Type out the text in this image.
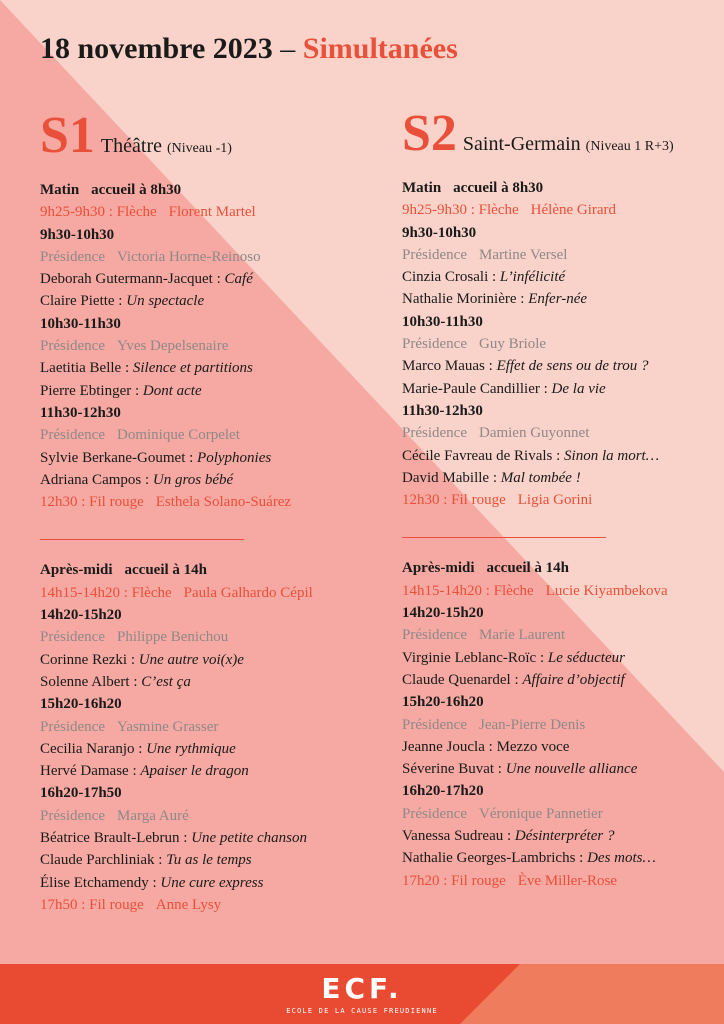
18 novembre 2023 – Simultanées
S1 Théâtre (Niveau -1)
Matin accueil à 8h30
9h25-9h30 : Flèche Florent Martel
9h30-10h30
Présidence Victoria Horne-Reinoso
Deborah Gutermann-Jacquet : Café
Claire Piette : Un spectacle
10h30-11h30
Présidence Yves Depelsenaire
Laetitia Belle : Silence et partitions
Pierre Ebtinger : Dont acte
11h30-12h30
Présidence Dominique Corpelet
Sylvie Berkane-Goumet : Polyphonies
Adriana Campos : Un gros bébé
12h30 : Fil rouge Esthela Solano-Suárez
Après-midi accueil à 14h
14h15-14h20 : Flèche Paula Galhardo Cépil
14h20-15h20
Présidence Philippe Benichou
Corinne Rezki : Une autre voi(x)e
Solenne Albert : C’est ça
15h20-16h20
Présidence Yasmine Grasser
Cecilia Naranjo : Une rythmique
Hervé Damase : Apaiser le dragon
16h20-17h50
Présidence Marga Auré
Béatrice Brault-Lebrun : Une petite chanson
Claude Parchliniak : Tu as le temps
Élise Etchamendy : Une cure express
17h50 : Fil rouge Anne Lysy
S2 Saint-Germain (Niveau 1 R+3)
Matin accueil à 8h30
9h25-9h30 : Flèche Hélène Girard
9h30-10h30
Présidence Martine Versel
Cinzia Crosali : L’infélicité
Nathalie Morinière : Enfer-née
10h30-11h30
Présidence Guy Briole
Marco Mauas : Effet de sens ou de trou ?
Marie-Paule Candillier : De la vie
11h30-12h30
Présidence Damien Guyonnet
Cécile Favreau de Rivals : Sinon la mort…
David Mabille : Mal tombée !
12h30 : Fil rouge Ligia Gorini
Après-midi accueil à 14h
14h15-14h20 : Flèche Lucie Kiyambekova
14h20-15h20
Présidence Marie Laurent
Virginie Leblanc-Roïc : Le séducteur
Claude Quenardel : Affaire d’objectif
15h20-16h20
Présidence Jean-Pierre Denis
Jeanne Joucla : Mezzo voce
Séverine Buvat : Une nouvelle alliance
16h20-17h20
Présidence Véronique Pannetier
Vanessa Sudreau : Désinterpréter ?
Nathalie Georges-Lambrichs : Des mots…
17h20 : Fil rouge Ève Miller-Rose
ECF.
ECOLE DE LA CAUSE FREUDIENNE
